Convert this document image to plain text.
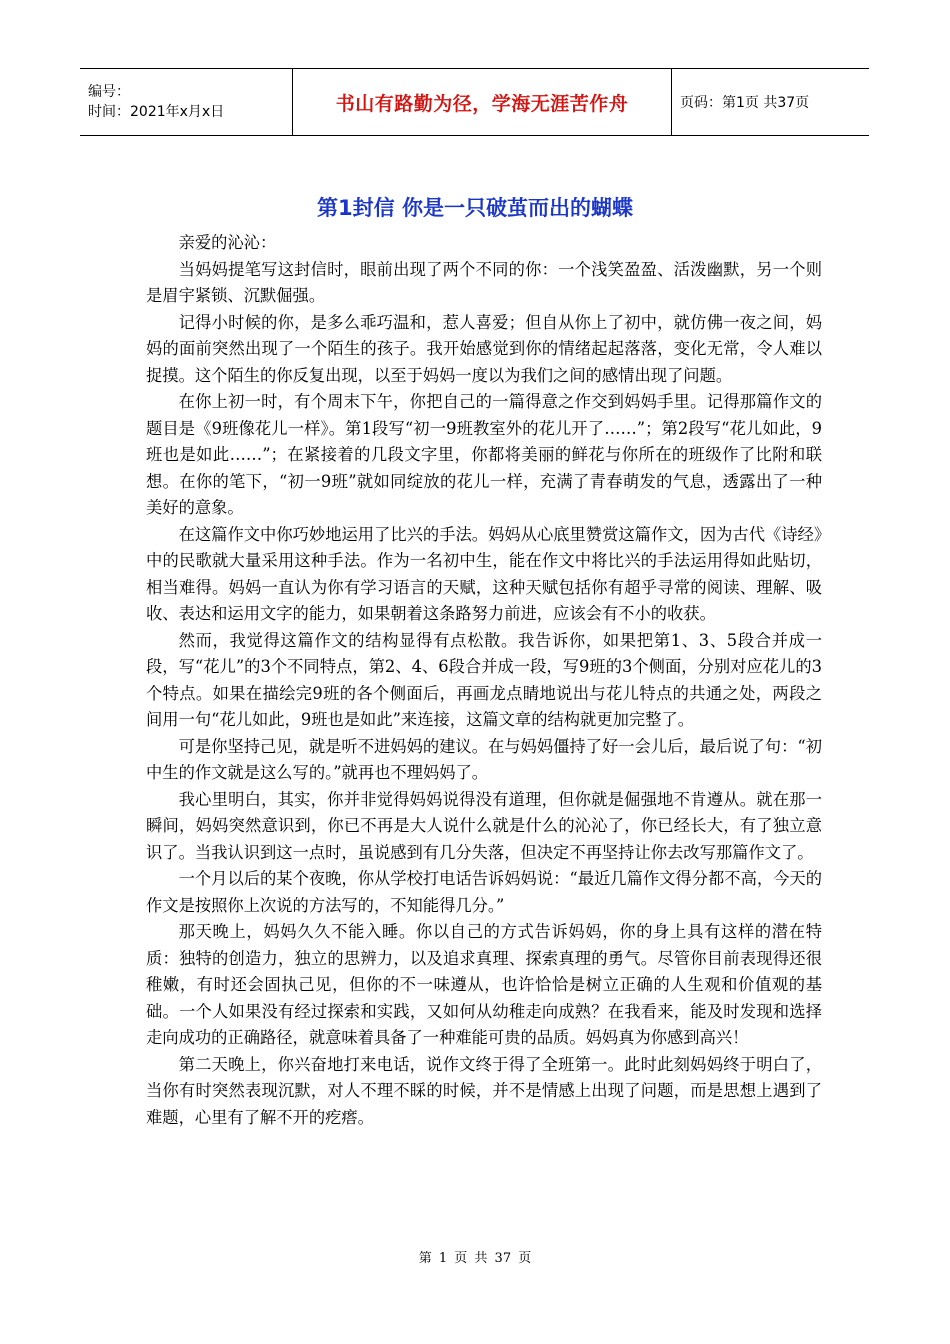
编号：
时间：2021年x月x日	书山有路勤为径，学海无涯苦作舟	页码：第1页 共37页
第1封信 你是一只破茧而出的蝴蝶

亲爱的沁沁：

当妈妈提笔写这封信时，眼前出现了两个不同的你：一个浅笑盈盈、活泼幽默，另一个则是眉宇紧锁、沉默倔强。

记得小时候的你，是多么乖巧温和，惹人喜爱；但自从你上了初中，就仿佛一夜之间，妈妈的面前突然出现了一个陌生的孩子。我开始感觉到你的情绪起起落落，变化无常，令人难以捉摸。这个陌生的你反复出现，以至于妈妈一度以为我们之间的感情出现了问题。

在你上初一时，有个周末下午，你把自己的一篇得意之作交到妈妈手里。记得那篇作文的题目是《9班像花儿一样》。第1段写“初一9班教室外的花儿开了……”；第2段写“花儿如此，9班也是如此……”；在紧接着的几段文字里，你都将美丽的鲜花与你所在的班级作了比附和联想。在你的笔下，“初一9班”就如同绽放的花儿一样，充满了青春萌发的气息，透露出了一种美好的意象。

在这篇作文中你巧妙地运用了比兴的手法。妈妈从心底里赞赏这篇作文，因为古代《诗经》中的民歌就大量采用这种手法。作为一名初中生，能在作文中将比兴的手法运用得如此贴切，相当难得。妈妈一直认为你有学习语言的天赋，这种天赋包括你有超乎寻常的阅读、理解、吸收、表达和运用文字的能力，如果朝着这条路努力前进，应该会有不小的收获。

然而，我觉得这篇作文的结构显得有点松散。我告诉你，如果把第1、3、5段合并成一段，写“花儿”的3个不同特点，第2、4、6段合并成一段，写9班的3个侧面，分别对应花儿的3个特点。如果在描绘完9班的各个侧面后，再画龙点睛地说出与花儿特点的共通之处，两段之间用一句“花儿如此，9班也是如此”来连接，这篇文章的结构就更加完整了。

可是你坚持己见，就是听不进妈妈的建议。在与妈妈僵持了好一会儿后，最后说了句：“初中生的作文就是这么写的。”就再也不理妈妈了。

我心里明白，其实，你并非觉得妈妈说得没有道理，但你就是倔强地不肯遵从。就在那一瞬间，妈妈突然意识到，你已不再是大人说什么就是什么的沁沁了，你已经长大，有了独立意识了。当我认识到这一点时，虽说感到有几分失落，但决定不再坚持让你去改写那篇作文了。

一个月以后的某个夜晚，你从学校打电话告诉妈妈说：“最近几篇作文得分都不高，今天的作文是按照你上次说的方法写的，不知能得几分。”

那天晚上，妈妈久久不能入睡。你以自己的方式告诉妈妈，你的身上具有这样的潜在特质：独特的创造力，独立的思辨力，以及追求真理、探索真理的勇气。尽管你目前表现得还很稚嫩，有时还会固执己见，但你的不一味遵从，也许恰恰是树立正确的人生观和价值观的基础。一个人如果没有经过探索和实践，又如何从幼稚走向成熟？在我看来，能及时发现和选择走向成功的正确路径，就意味着具备了一种难能可贵的品质。妈妈真为你感到高兴！

第二天晚上，你兴奋地打来电话，说作文终于得了全班第一。此时此刻妈妈终于明白了，当你有时突然表现沉默，对人不理不睬的时候，并不是情感上出现了问题，而是思想上遇到了难题，心里有了解不开的疙瘩。

第 1 页 共 37 页
